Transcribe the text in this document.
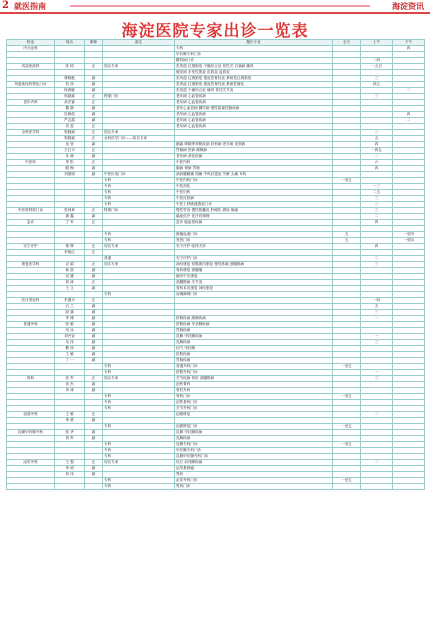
2 就医指南	海淀资讯
海淀医院专家出诊一览表
科室	姓名	职称	备注	擅长专业	全天	上午	下午
内分泌科				专科			四
				甲状腺专科门诊			
				糖尿病门诊		二四	
风湿免疫科	张 树	正	知名专家	类风湿 红斑狼疮 干燥综合征 骨性关 白塞病 痛风		一五日	
				硬皮病 多发性肌炎 皮肌炎 血管炎			
	费晓艳	副		类风湿 红斑狼疮 强直性脊柱炎 系统性红斑狼疮		三	
风湿免疫科特色门诊	刘 萍	副		类风湿 红斑狼疮 强直性脊柱炎 系统性硬化		四五	
	杨春敏	副		类风湿 干燥综合征 痛风 骨性关节炎			二
	郭晓斌	正	特需门诊	老年病 心血管疾病		三	
老年内科	高宏睿	正		老年病 心血管疾病			
	瞿 静	副		老年心血管病 糖尿病 慢性阻塞性肺疾病			
	杜晓权	副		老年病 心血管疾病			四
	严志霞	副		老年病 心血管疾病			二
	吴 蓝	正		老年病 心血管疾病			
全科医学科	郭晓斌	正	知名专家			三	
	郭晓斌	正	全科医学门诊——知名专家			五	
	吴 莹	副		肺癌 哮喘等呼吸疾病 妇科病 老年病 皮肤病		四	
	王红平	正		胃肠病 肝病 胰腺病		一四五	
	朱 晓	副		老年病 消化疾病		二	
中医科	李 彤	正		中医内科		六	
	殷 梅	副		肺病 肾病 胃肠		四	
	刘建明	副	中医针灸门诊	颈肩腰腿痛 面瘫 中风后遗症 失眠 头痛 耳鸣			
			专科	中医内科门诊	一至五		
			专科	中医消化		一三	
			专科	中医妇科		二五	
			专科	中医皮肤病		三	
			专科	中医上呼吸道感染门诊		三	
中医科特需门诊	张尚章	正	特需门诊	慢性胃炎 慢性胆囊炎 肝硬化 溃疡 肠癌		三	
	龚 鑫	副		癌症化疗 化疗后调理		二	
急诊	宁 军	正		急诊 脑血管疾病		四	

			专科	肿瘤血液门诊	五		一至四
			专科	发热门诊	五		一至四
安宁疗护	秦 辉	正	知名专家	安宁疗护 临终关怀		四	
	李菊红	正					
			普通	安宁疗护门诊		二	
康复医学科	谷 娟	正	知名专家	神经康复 骨骼肌肉康复 慢性疼痛 颈腰椎病		三	
	杨 凯	副		骨科康复 颈腰痛			
	吴 婕	副		脑卒中后康复			
	刘 涛	正		颈腰椎病 关节炎			
	王 文	副		骨科术后康复 神经康复			
			专科	吞咽障碍门诊			
医疗美容科	朱德平	正				一四	
	白 兰	副				五	
	段 斌	副				三	
	李 博	副		肝胆疾病 胰腺疾病		一	
普通外科	张 敏	副		肝胆疾病 甲状腺疾病			
	吴 泳	副		胃肠疾病			
	刘丹亚	副		乳腺 甲状腺疾病		一	
	吴 伟	副		乳腺疾病		三	
	柳 萍	副		疝气 甲状腺			
	王 敏	副		肝胆疾病			
	丁 一	副		胃肠疾病			
			专科	普通外科门诊	一至五		
			专科	肝胆外科门诊		一	
骨科	张 军	正	知名专家	关节疾病 骨折 颈腰椎病		三	
	刘 杰	副		创伤骨科			
	李 涛	副		脊柱外科			
			专科	骨科门诊	一至五		
			专科	创伤骨科门诊			
			专科	关节外科门诊			
创面外科	王 敏	正		创面修复		二	
	李 晨	副					
			专科	创面修复门诊	一至五		
乳腺甲状腺外科	张 华	副		乳腺 甲状腺疾病			
	刘 军	副		乳腺疾病			
			专科	乳腺专科门诊	一至五		
			专科	甲状腺专科门诊			
			专科	乳腺甲状腺外科门诊			
泌尿外科	王 强	正	知名专家	结石 前列腺疾病		二	
	李 明	副		泌尿系肿瘤			
	刘 伟	副		男科			
			专科	泌尿外科门诊	一至五		
			专科	男科门诊			
